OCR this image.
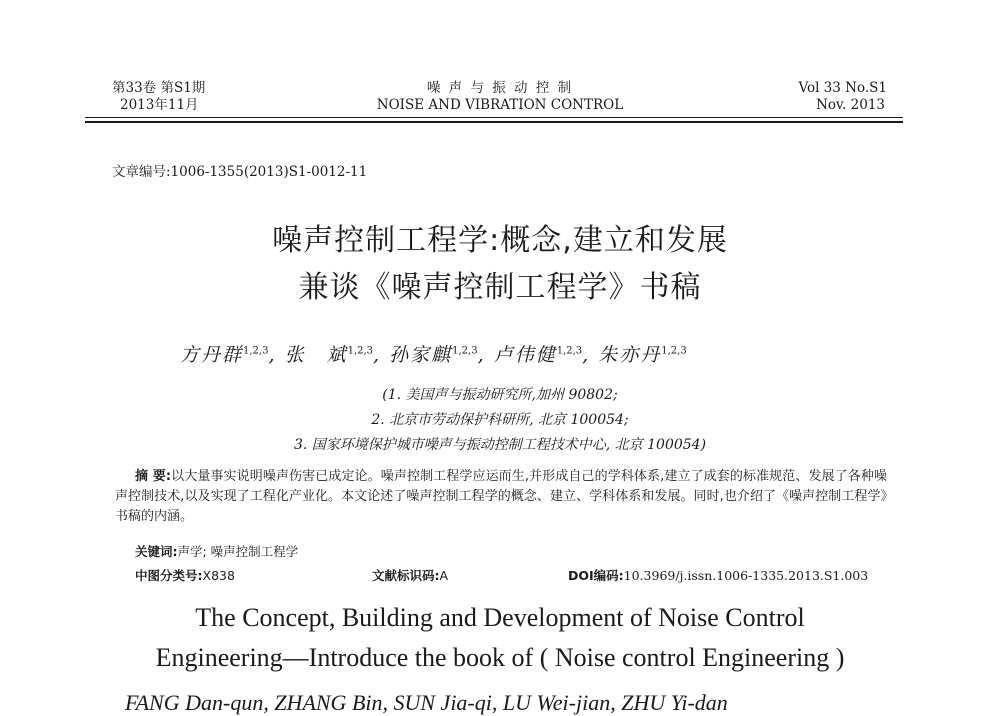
第33卷 第S1期
2013年11月
噪 声 与 振 动 控 制
NOISE AND VIBRATION CONTROL
Vol 33 No.S1
Nov. 2013
文章编号:1006-1355(2013)S1-0012-11
噪声控制工程学:概念,建立和发展
兼谈《噪声控制工程学》书稿
方丹群$^{1,2,3}$, 张　斌$^{1,2,3}$, 孙家麒$^{1,2,3}$, 卢伟健$^{1,2,3}$, 朱亦丹$^{1,2,3}$
(1. 美国声与振动研究所,加州 90802;
2. 北京市劳动保护科研所, 北京 100054;
3. 国家环境保护城市噪声与振动控制工程技术中心, 北京 100054)
摘 要:以大量事实说明噪声伤害已成定论。噪声控制工程学应运而生,并形成自己的学科体系,建立了成套的标准规范、发展了各种噪声控制技术,以及实现了工程化产业化。本文论述了噪声控制工程学的概念、建立、学科体系和发展。同时,也介绍了《噪声控制工程学》书稿的内涵。
关键词:声学; 噪声控制工程学
中图分类号:X838	文献标识码:A	DOI编码:10.3969/j.issn.1006-1335.2013.S1.003
The Concept, Building and Development of Noise Control
Engineering—Introduce the book of ( Noise control Engineering )
FANG Dan-qun, ZHANG Bin, SUN Jia-qi, LU Wei-jian, ZHU Yi-dan
